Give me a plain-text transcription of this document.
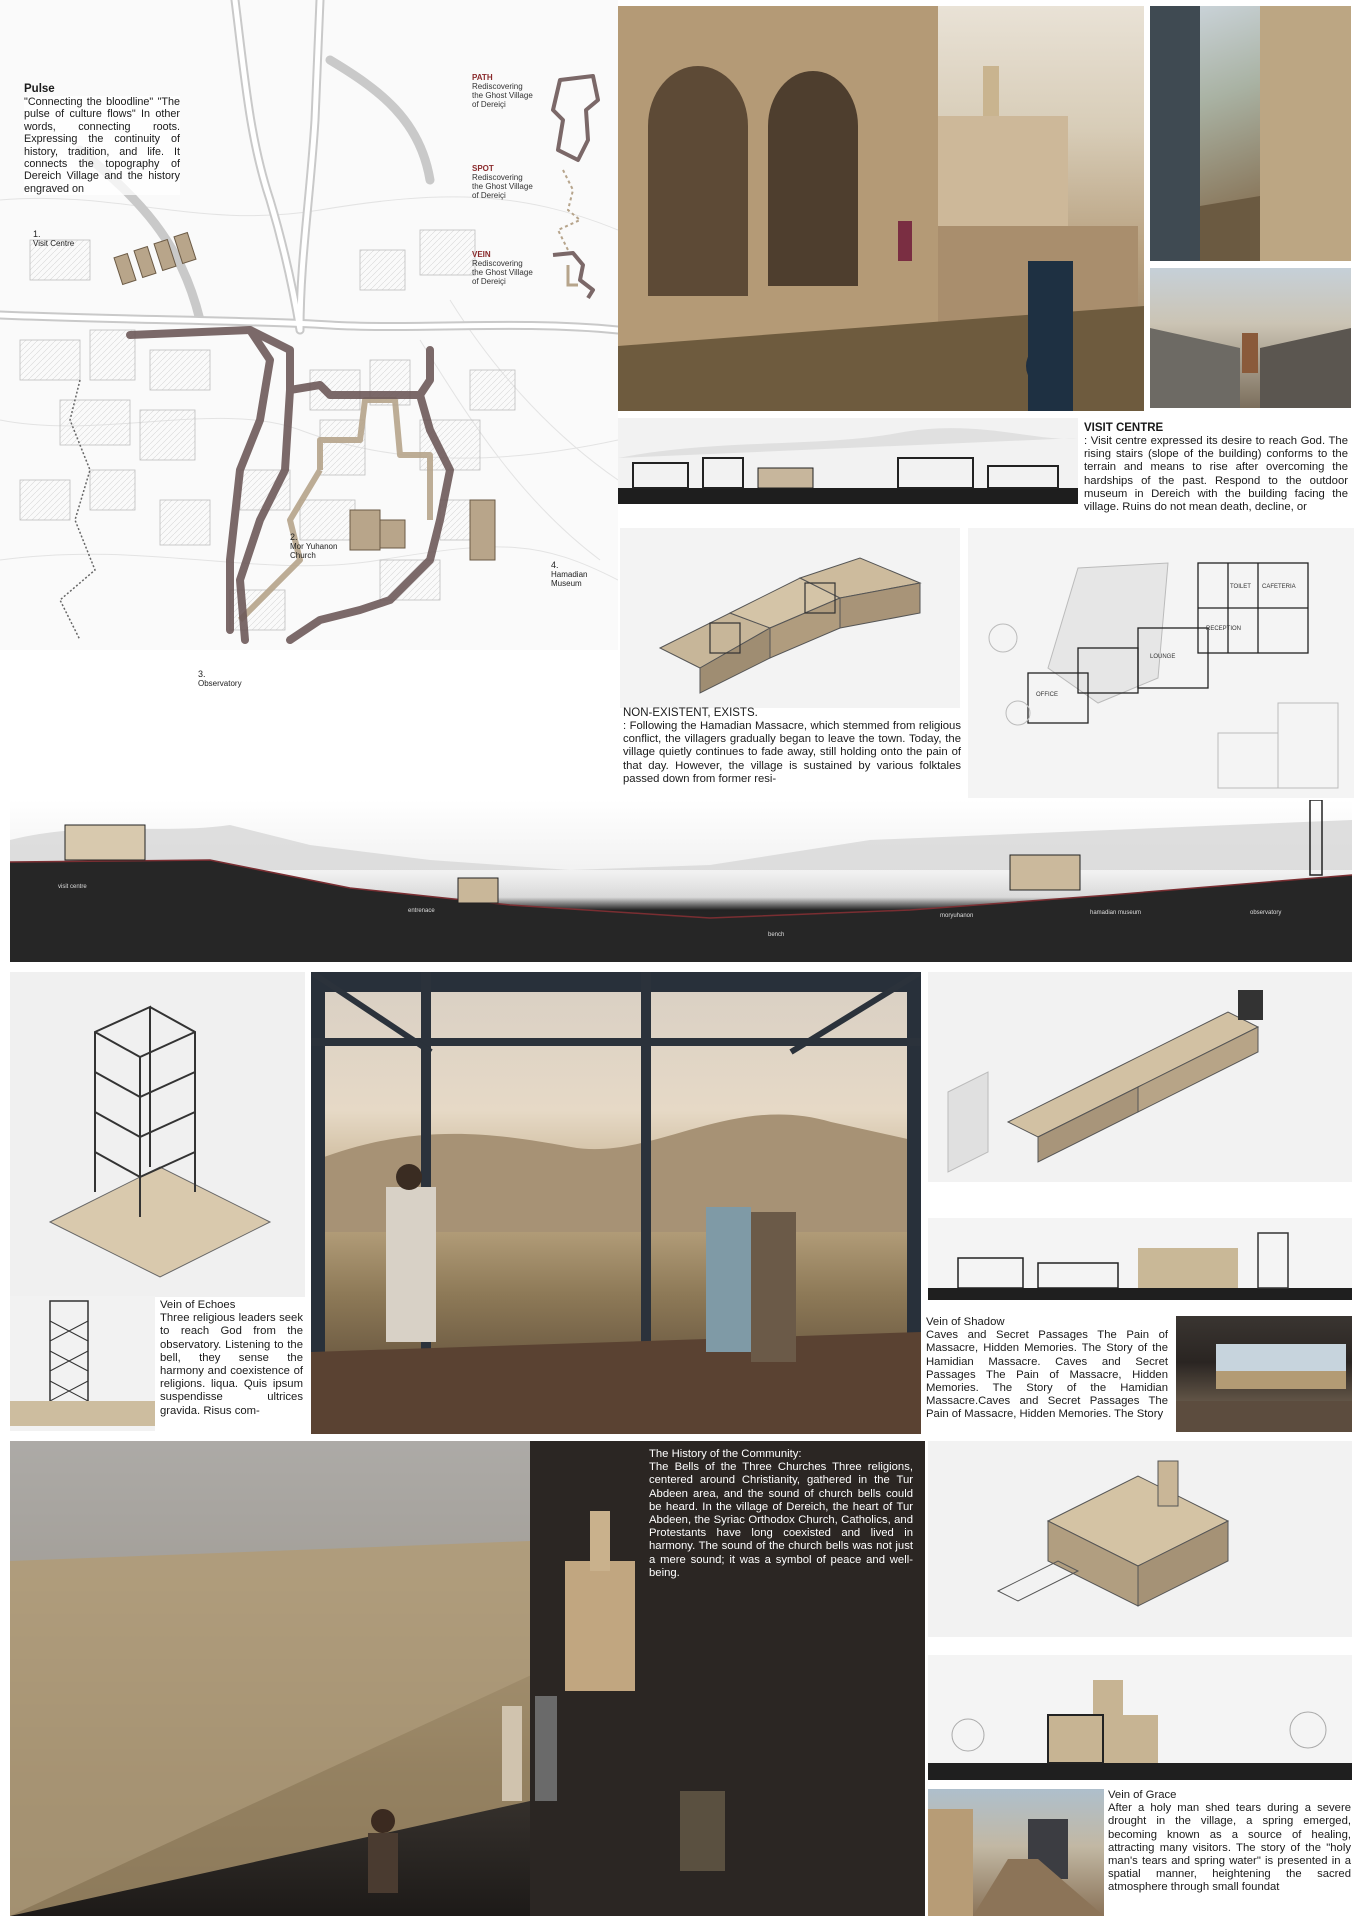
Pulse
"Connecting the bloodline" "The pulse of culture flows" In other words, connecting roots. Expressing the continuity of history, tradition, and life. It connects the topography of Dereich Village and the history engraved on
PATH
Rediscovering the Ghost Village of Dereiçi
SPOT
Rediscovering the Ghost Village of Dereiçi
VEIN
Rediscovering the Ghost Village of Dereiçi
1.
Visit Centre
2.
Mor Yuhanon Church
3.
Observatory
4.
Hamadian Museum
VISIT CENTRE
: Visit centre expressed its desire to reach God. The rising stairs (slope of the building) conforms to the terrain and means to rise after overcoming the hardships of the past. Respond to the outdoor museum in Dereich with the building facing the village. Ruins do not mean death, decline, or
RECEPTION
OFFICE
TOILET CAFETERIA
LOUNGE
NON-EXISTENT, EXISTS.
: Following the Hamadian Massacre, which stemmed from religious conflict, the villagers gradually began to leave the town. Today, the village quietly continues to fade away, still holding onto the pain of that day. However, the village is sustained by various folktales passed down from former resi-
visit centre
entrenace
bench
moryuhanon	hamadian museum	observatory
Vein of Echoes
Three religious leaders seek to reach God from the observatory. Listening to the bell, they sense the harmony and coexistence of religions. liqua. Quis ipsum suspendisse ultrices gravida. Risus com-
Vein of Shadow
Caves and Secret Passages The Pain of Massacre, Hidden Memories. The Story of the Hamidian Massacre. Caves and Secret Passages The Pain of Massacre, Hidden Memories. The Story of the Hamidian Massacre.Caves and Secret Passages The Pain of Massacre, Hidden Memories. The Story
The History of the Community:
The Bells of the Three Churches Three religions, centered around Christianity, gathered in the Tur Abdeen area, and the sound of church bells could be heard. In the village of Dereich, the heart of Tur Abdeen, the Syriac Orthodox Church, Catholics, and Protestants have long coexisted and lived in harmony. The sound of the church bells was not just a mere sound; it was a symbol of peace and well-being.
Vein of Grace
After a holy man shed tears during a severe drought in the village, a spring emerged, becoming known as a source of healing, attracting many visitors. The story of the "holy man's tears and spring water" is presented in a spatial manner, heightening the sacred atmosphere through small foundat
